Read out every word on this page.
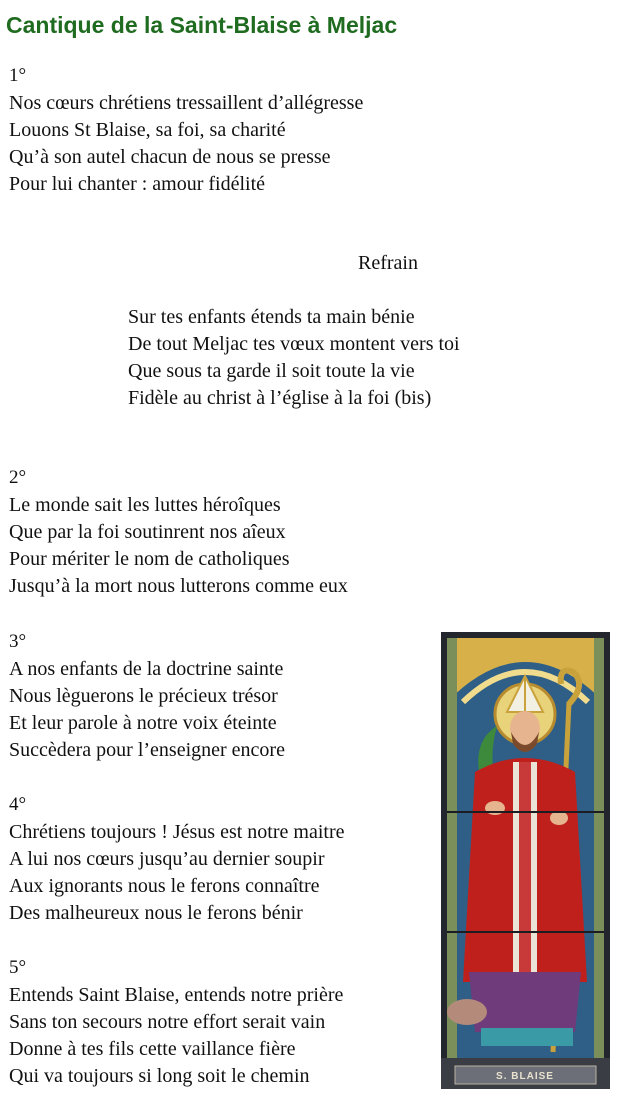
Cantique de la Saint-Blaise à Meljac
1°
Nos cœurs chrétiens tressaillent d’allégresse
Louons St Blaise, sa foi, sa charité
Qu’à son autel chacun de nous se presse
Pour lui chanter : amour fidélité
Refrain
Sur tes enfants étends ta main bénie
De tout Meljac tes vœux montent vers toi
Que sous ta garde il soit toute la vie
Fidèle au christ à l’église à la foi (bis)
2°
Le monde sait les luttes héroîques
Que par la foi soutinrent nos aîeux
Pour mériter le nom de catholiques
Jusqu’à la mort nous lutterons comme eux
3°
A nos enfants de la doctrine sainte
Nous lèguerons le précieux trésor
Et leur parole à notre voix éteinte
Succèdera pour l’enseigner encore
4°
Chrétiens toujours ! Jésus est notre maitre
A lui nos cœurs jusqu’au dernier soupir
Aux ignorants nous le ferons connaître
Des malheureux nous le ferons bénir
5°
Entends Saint Blaise, entends notre prière
Sans ton secours notre effort serait vain
Donne à tes fils cette vaillance fière
Qui va toujours si long soit le chemin	S. BLAISE
